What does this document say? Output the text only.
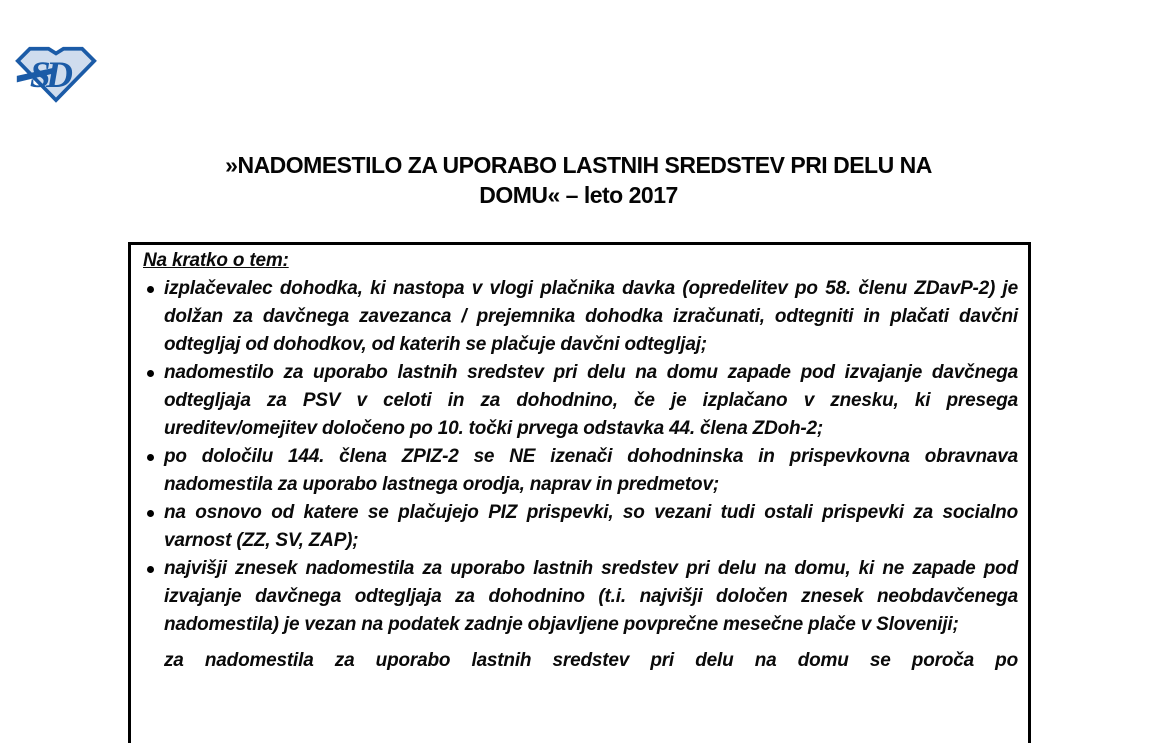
SD
»NADOMESTILO ZA UPORABO LASTNIH SREDSTEV PRI DELU NA
DOMU« – leto 2017
Na kratko o tem:
izplačevalec dohodka, ki nastopa v vlogi plačnika davka (opredelitev po 58. členu ZDavP-2) je dolžan za davčnega zavezanca / prejemnika dohodka izračunati, odtegniti in plačati davčni odtegljaj od dohodkov, od katerih se plačuje davčni odtegljaj;
nadomestilo za uporabo lastnih sredstev pri delu na domu zapade pod izvajanje davčnega odtegljaja za PSV v celoti in za dohodnino, če je izplačano v znesku, ki presega ureditev/omejitev določeno po 10. točki prvega odstavka 44. člena ZDoh-2;
po določilu 144. člena ZPIZ-2 se NE izenači dohodninska in prispevkovna obravnava nadomestila za uporabo lastnega orodja, naprav in predmetov;
na osnovo od katere se plačujejo PIZ prispevki, so vezani tudi ostali prispevki za socialno varnost (ZZ, SV, ZAP);
najvišji znesek nadomestila za uporabo lastnih sredstev pri delu na domu, ki ne zapade pod izvajanje davčnega odtegljaja za dohodnino (t.i. najvišji določen znesek neobdavčenega nadomestila) je vezan na podatek zadnje objavljene povprečne mesečne plače v Sloveniji;
za nadomestila za uporabo lastnih sredstev pri delu na domu se poroča po
